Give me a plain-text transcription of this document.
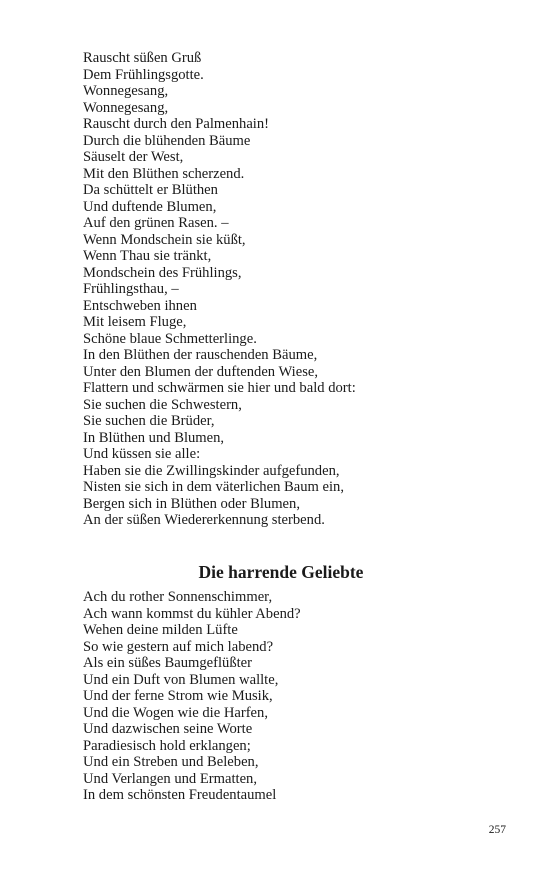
Rauscht süßen Gruß
Dem Frühlingsgotte.
Wonnegesang,
Wonnegesang,
Rauscht durch den Palmenhain!
Durch die blühenden Bäume
Säuselt der West,
Mit den Blüthen scherzend.
Da schüttelt er Blüthen
Und duftende Blumen,
Auf den grünen Rasen. –
Wenn Mondschein sie küßt,
Wenn Thau sie tränkt,
Mondschein des Frühlings,
Frühlingsthau, –
Entschweben ihnen
Mit leisem Fluge,
Schöne blaue Schmetterlinge.
In den Blüthen der rauschenden Bäume,
Unter den Blumen der duftenden Wiese,
Flattern und schwärmen sie hier und bald dort:
Sie suchen die Schwestern,
Sie suchen die Brüder,
In Blüthen und Blumen,
Und küssen sie alle:
Haben sie die Zwillingskinder aufgefunden,
Nisten sie sich in dem väterlichen Baum ein,
Bergen sich in Blüthen oder Blumen,
An der süßen Wiedererkennung sterbend.
Die harrende Geliebte
Ach du rother Sonnenschimmer,
Ach wann kommst du kühler Abend?
Wehen deine milden Lüfte
So wie gestern auf mich labend?
Als ein süßes Baumgeflüßter
Und ein Duft von Blumen wallte,
Und der ferne Strom wie Musik,
Und die Wogen wie die Harfen,
Und dazwischen seine Worte
Paradiesisch hold erklangen;
Und ein Streben und Beleben,
Und Verlangen und Ermatten,
In dem schönsten Freudentaumel
257
